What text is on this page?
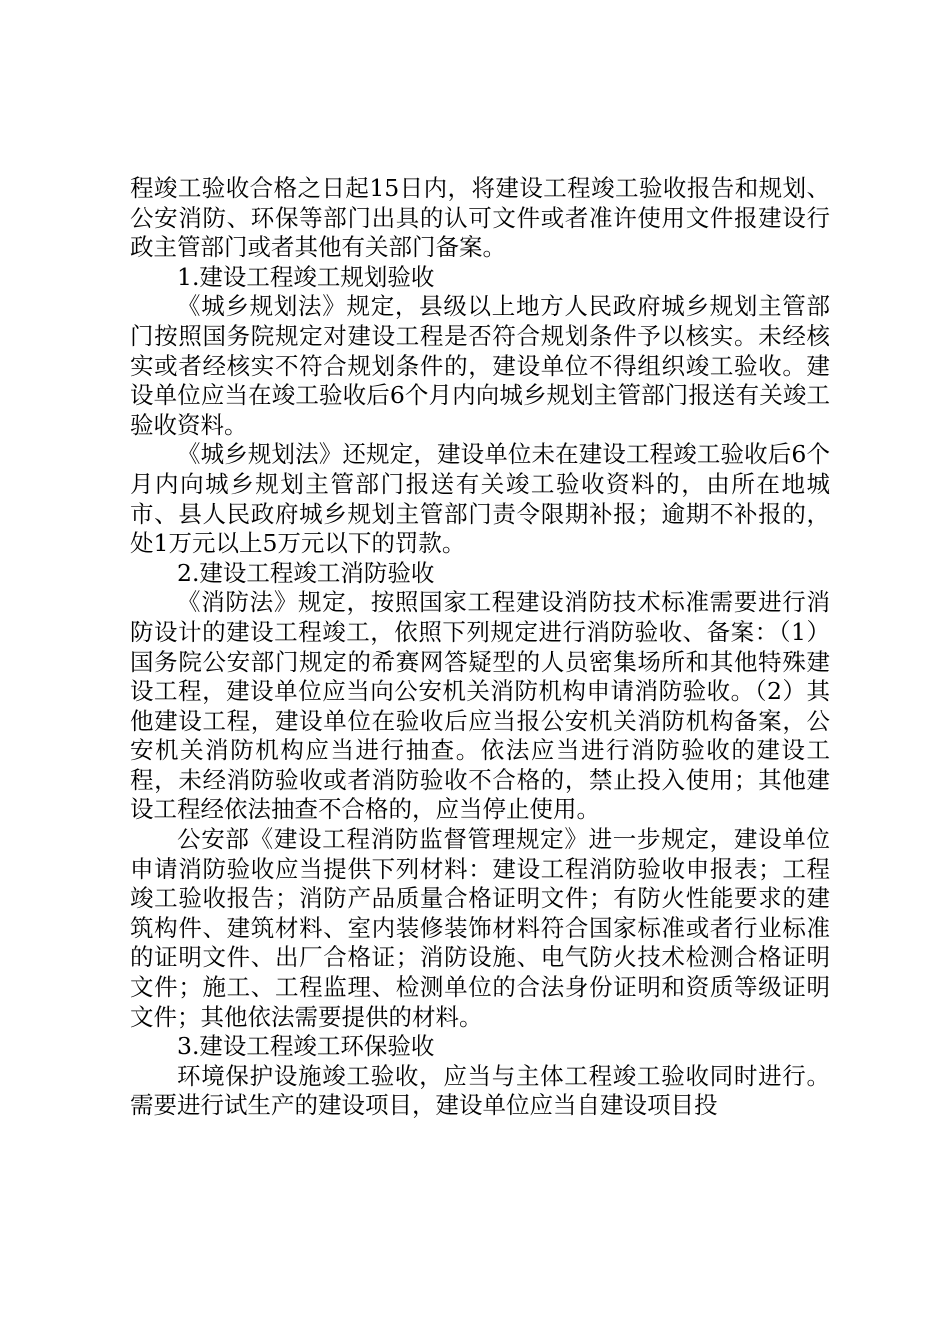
程竣工验收合格之日起15日内，将建设工程竣工验收报告和规划、公安消防、环保等部门出具的认可文件或者准许使用文件报建设行政主管部门或者其他有关部门备案。

1.建设工程竣工规划验收

《城乡规划法》规定，县级以上地方人民政府城乡规划主管部门按照国务院规定对建设工程是否符合规划条件予以核实。未经核实或者经核实不符合规划条件的，建设单位不得组织竣工验收。建设单位应当在竣工验收后6个月内向城乡规划主管部门报送有关竣工验收资料。

《城乡规划法》还规定，建设单位未在建设工程竣工验收后6个月内向城乡规划主管部门报送有关竣工验收资料的，由所在地城市、县人民政府城乡规划主管部门责令限期补报；逾期不补报的，处1万元以上5万元以下的罚款。

2.建设工程竣工消防验收

《消防法》规定，按照国家工程建设消防技术标准需要进行消防设计的建设工程竣工，依照下列规定进行消防验收、备案：（1）国务院公安部门规定的希赛网答疑型的人员密集场所和其他特殊建设工程，建设单位应当向公安机关消防机构申请消防验收。（2）其他建设工程，建设单位在验收后应当报公安机关消防机构备案，公安机关消防机构应当进行抽查。依法应当进行消防验收的建设工程，未经消防验收或者消防验收不合格的，禁止投入使用；其他建设工程经依法抽查不合格的，应当停止使用。

公安部《建设工程消防监督管理规定》进一步规定，建设单位申请消防验收应当提供下列材料：建设工程消防验收申报表；工程竣工验收报告；消防产品质量合格证明文件；有防火性能要求的建筑构件、建筑材料、室内装修装饰材料符合国家标准或者行业标准的证明文件、出厂合格证；消防设施、电气防火技术检测合格证明文件；施工、工程监理、检测单位的合法身份证明和资质等级证明文件；其他依法需要提供的材料。

3.建设工程竣工环保验收

环境保护设施竣工验收，应当与主体工程竣工验收同时进行。需要进行试生产的建设项目，建设单位应当自建设项目投
